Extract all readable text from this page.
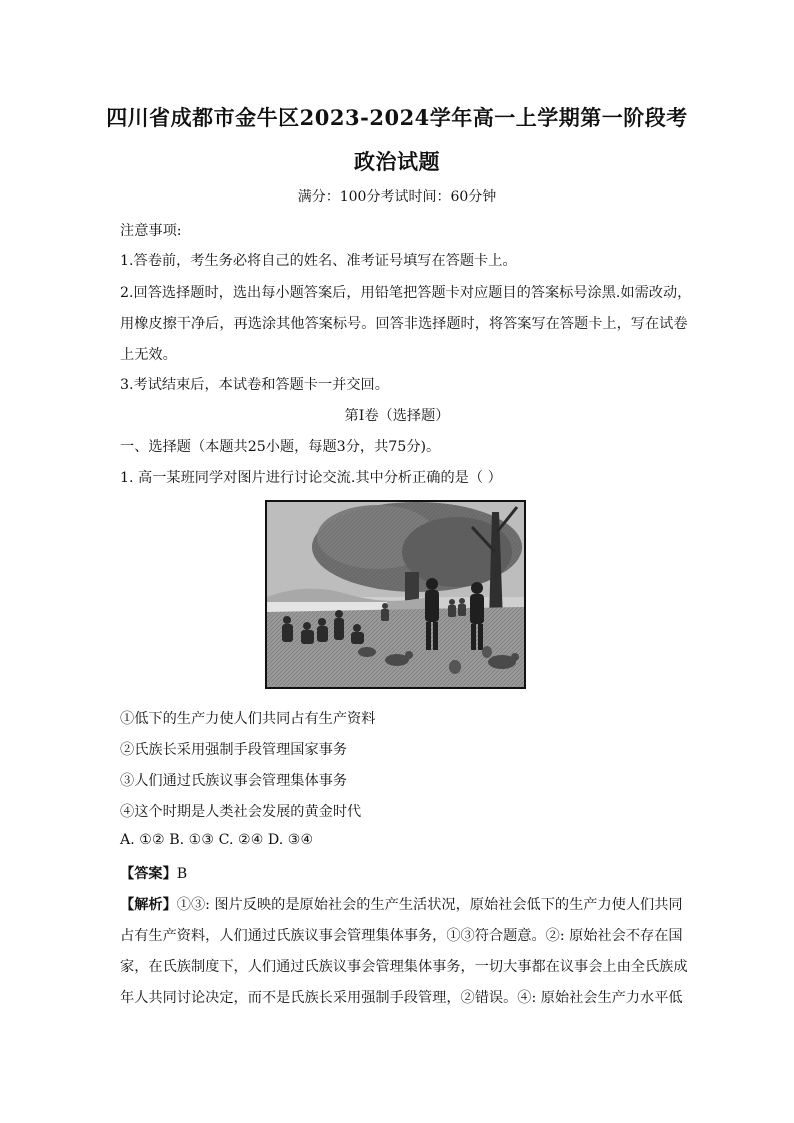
四川省成都市金牛区2023-2024学年高一上学期第一阶段考
政治试题
满分：100分考试时间：60分钟
注意事项:
1.答卷前，考生务必将自己的姓名、准考证号填写在答题卡上。
2.回答选择题时，选出每小题答案后，用铅笔把答题卡对应题目的答案标号涂黑.如需改动，
用橡皮擦干净后，再选涂其他答案标号。回答非选择题时，将答案写在答题卡上，写在试卷
上无效。
3.考试结束后，本试卷和答题卡一并交回。
第Ⅰ卷（选择题）
一、选择题（本题共25小题，每题3分，共75分)。
1. 高一某班同学对图片进行讨论交流.其中分析正确的是（ ）
①低下的生产力使人们共同占有生产资料
②氏族长采用强制手段管理国家事务
③人们通过氏族议事会管理集体事务
④这个时期是人类社会发展的黄金时代
A. ①② B. ①③ C. ②④ D. ③④
【答案】B
【解析】①③: 图片反映的是原始社会的生产生活状况，原始社会低下的生产力使人们共同
占有生产资料，人们通过氏族议事会管理集体事务，①③符合题意。②: 原始社会不存在国
家，在氏族制度下，人们通过氏族议事会管理集体事务，一切大事都在议事会上由全氏族成
年人共同讨论决定，而不是氏族长采用强制手段管理，②错误。④: 原始社会生产力水平低
